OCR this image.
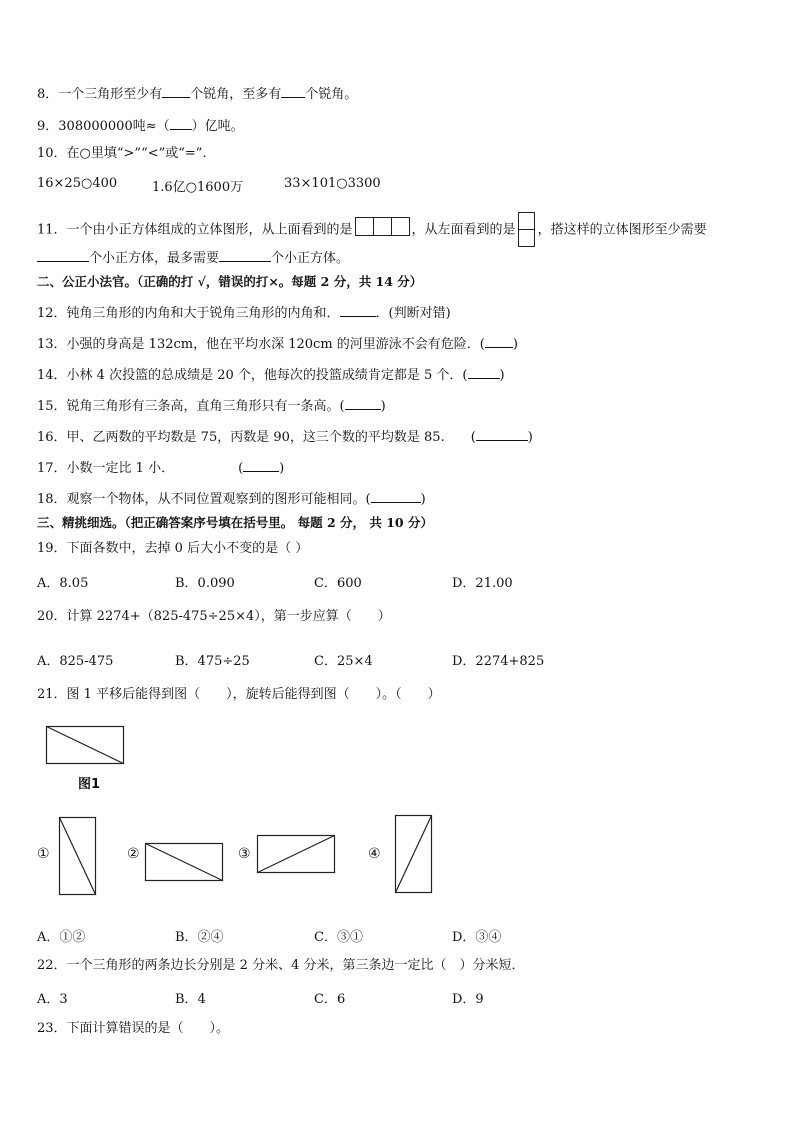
8．一个三角形至少有 个锐角，至多有 个锐角。
9．308000000吨≈（ ）亿吨。
10．在○里填“>”“<”或“=”．
16×25○400	1.6亿○1600万	33×101○3300
11．一个由小正方体组成的立体图形，从上面看到的是	，从左面看到的是 ，搭这样的立体图形至少需要
个小正方体，最多需要	个小正方体。
二、公正小法官。（正确的打 √，错误的打×。每题 2 分，共 14 分）
12．钝角三角形的内角和大于锐角三角形的内角和．	．(判断对错)
13．小强的身高是 132cm，他在平均水深 120cm 的河里游泳不会有危险．( )
14．小林 4 次投篮的总成绩是 20 个，他每次的投篮成绩肯定都是 5 个．( )
15．锐角三角形有三条高，直角三角形只有一条高。(	)
16．甲、乙两数的平均数是 75，丙数是 90，这三个数的平均数是 85. (	)
17．小数一定比 1 小．	(	)
18．观察一个物体，从不同位置观察到的图形可能相同。(	)
三、精挑细选。（把正确答案序号填在括号里。 每题 2 分， 共 10 分）
19．下面各数中，去掉 0 后大小不变的是（ ）
A．8.05	B．0.090	C．600	D．21.00
20．计算 2274+（825-475÷25×4），第一步应算（　　）
A．825-475	B．475÷25	C．25×4	D．2274+825
21．图 1 平移后能得到图（　　），旋转后能得到图（　　）。（　　）
图1
①	②	③	④
A．①②	B．②④	C．③①	D．③④
22．一个三角形的两条边长分别是 2 分米、4 分米，第三条边一定比（　）分米短．
A．3	B．4	C．6	D．9
23．下面计算错误的是（　　）。
